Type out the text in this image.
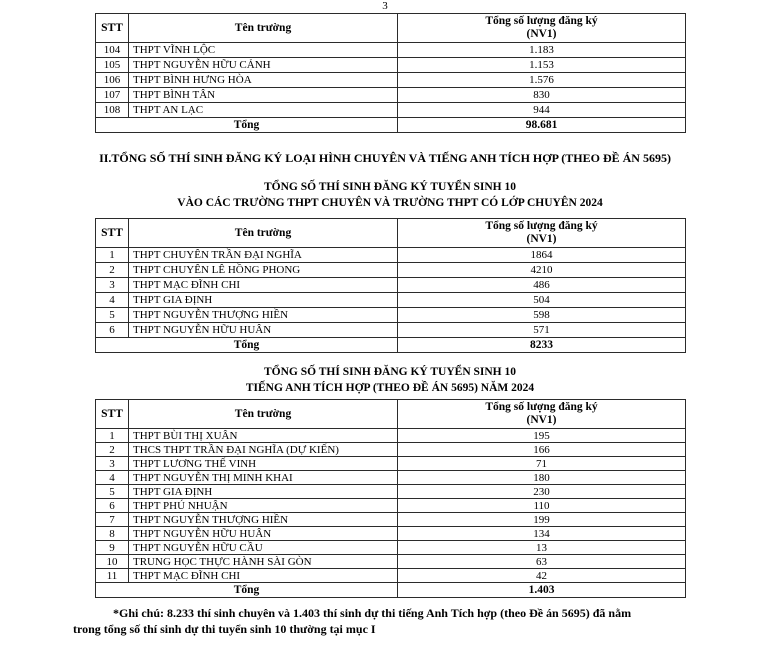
3
STT	Tên trường	Tổng số lượng đăng ký
(NV1)

104	THPT VĨNH LỘC	1.183
105	THPT NGUYỄN HỮU CẢNH	1.153
106	THPT BÌNH HƯNG HÒA	1.576
107	THPT BÌNH TÂN	830
108	THPT AN LẠC	944
Tổng		98.681
II.TỔNG SỐ THÍ SINH ĐĂNG KÝ LOẠI HÌNH CHUYÊN VÀ TIẾNG ANH TÍCH HỢP (THEO ĐỀ ÁN 5695)
TỔNG SỐ THÍ SINH ĐĂNG KÝ TUYỂN SINH 10
VÀO CÁC TRƯỜNG THPT CHUYÊN VÀ TRƯỜNG THPT CÓ LỚP CHUYÊN 2024
STT	Tên trường	Tổng số lượng đăng ký
(NV1)

1	THPT CHUYÊN TRẦN ĐẠI NGHĨA	1864
2	THPT CHUYÊN LÊ HỒNG PHONG	4210
3	THPT MẠC ĐĨNH CHI	486
4	THPT GIA ĐỊNH	504
5	THPT NGUYỄN THƯỢNG HIỀN	598
6	THPT NGUYỄN HỮU HUÂN	571
Tổng		8233
TỔNG SỐ THÍ SINH ĐĂNG KÝ TUYỂN SINH 10
TIẾNG ANH TÍCH HỢP (THEO ĐỀ ÁN 5695) NĂM 2024
STT	Tên trường	Tổng số lượng đăng ký
(NV1)

1	THPT BÙI THỊ XUÂN	195
2	THCS THPT TRẦN ĐẠI NGHĨA (DỰ KIẾN)	166
3	THPT LƯƠNG THẾ VINH	71
4	THPT NGUYỄN THỊ MINH KHAI	180
5	THPT GIA ĐỊNH	230
6	THPT PHÚ NHUẬN	110
7	THPT NGUYỄN THƯỢNG HIỀN	199
8	THPT NGUYỄN HỮU HUÂN	134
9	THPT NGUYỄN HỮU CẦU	13
10	TRUNG HỌC THỰC HÀNH SÀI GÒN	63
11	THPT MẠC ĐĨNH CHI	42
Tổng		1.403
*Ghi chú: 8.233 thí sinh chuyên và 1.403 thí sinh dự thi tiếng Anh Tích hợp (theo Đề án 5695) đã nằm
trong tổng số thí sinh dự thi tuyển sinh 10 thường tại mục I
